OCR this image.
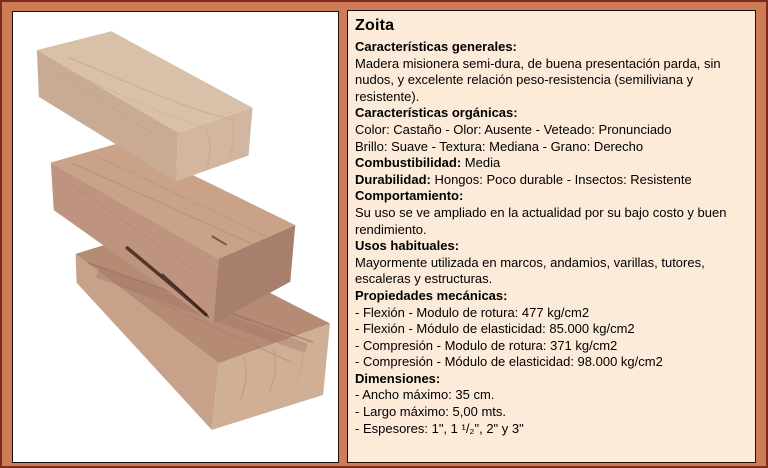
Zoita
Características generales:
Madera misionera semi-dura, de buena presentación parda, sin
nudos, y excelente relación peso-resistencia (semiliviana y
resistente).
Características orgánicas:
Color: Castaño - Olor: Ausente - Veteado: Pronunciado
Brillo: Suave - Textura: Mediana - Grano: Derecho
Combustibilidad: Media
Durabilidad: Hongos: Poco durable - Insectos: Resistente
Comportamiento:
Su uso se ve ampliado en la actualidad por su bajo costo y buen
rendimiento.
Usos habituales:
Mayormente utilizada en marcos, andamios, varillas, tutores,
escaleras y estructuras.
Propiedades mecánicas:
- Flexión - Modulo de rotura: 477 kg/cm2
- Flexión - Módulo de elasticidad: 85.000 kg/cm2
- Compresión - Modulo de rotura: 371 kg/cm2
- Compresión - Módulo de elasticidad: 98.000 kg/cm2
Dimensiones:
- Ancho máximo: 35 cm.
- Largo máximo: 5,00 mts.
- Espesores: 1", 1 ¹/₂", 2" y 3"
